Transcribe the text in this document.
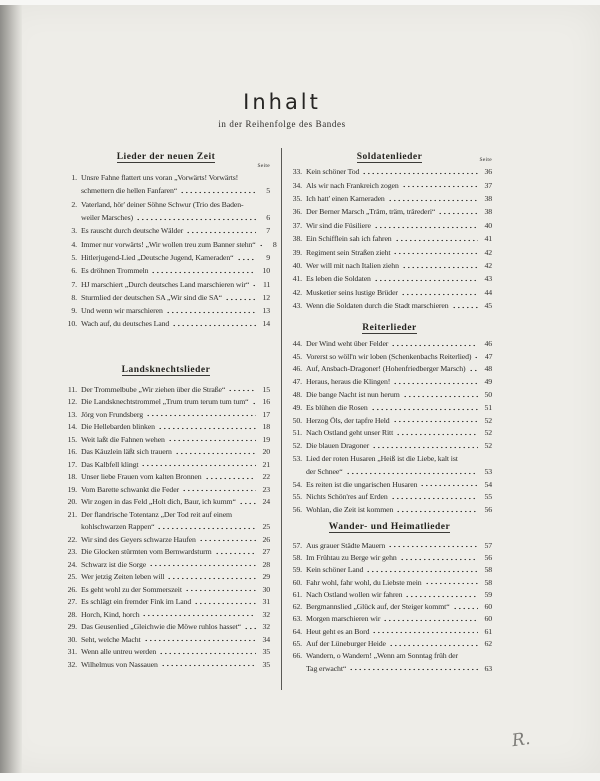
Inhalt
in der Reihenfolge des Bandes
Seite
Lieder der neuen Zeit
1. Unsre Fahne flattert uns voran „Vorwärts! Vorwärts!
schmettern die hellen Fanfaren“	5
2. Vaterland, hör' deiner Söhne Schwur (Trio des Baden-
weiler Marsches)	6
3. Es rauscht durch deutsche Wälder	7
4. Immer nur vorwärts! „Wir wollen treu zum Banner stehn“	8
5. Hitlerjugend-Lied „Deutsche Jugend, Kameraden“	9
6. Es dröhnen Trommeln	10
7. HJ marschiert „Durch deutsches Land marschieren wir“	11
8. Sturmlied der deutschen SA „Wir sind die SA“	12
9. Und wenn wir marschieren	13
10. Wach auf, du deutsches Land	14
Landsknechtslieder
11. Der Trommelbube „Wir ziehen über die Straße“	15
12. Die Landsknechtstrommel „Trum trum terum tum tum“	16
13. Jörg von Frundsberg	17
14. Die Hellebarden blinken	18
15. Weit laßt die Fahnen wehen	19
16. Das Käuzlein läßt sich trauern	20
17. Das Kalbfell klingt	21
18. Unser liebe Frauen vom kalten Bronnen	22
19. Vom Barette schwankt die Feder	23
20. Wir zogen in das Feld „Holt dich, Baur, ich kumm“	24
21. Der flandrische Totentanz „Der Tod reit auf einem
kohlschwarzen Rappen“	25
22. Wir sind des Geyers schwarze Haufen	26
23. Die Glocken stürmten vom Bernwardsturm	27
24. Schwarz ist die Sorge	28
25. Wer jetzig Zeiten leben will	29
26. Es geht wohl zu der Sommerszeit	30
27. Es schlägt ein fremder Fink im Land	31
28. Horch, Kind, horch	32
29. Das Geusenlied „Gleichwie die Möwe ruhlos hasset“	32
30. Seht, welche Macht	34
31. Wenn alle untreu werden	35
32. Wilhelmus von Nassauen	35
Seite
Soldatenlieder
33. Kein schöner Tod	36
34. Als wir nach Frankreich zogen	37
35. Ich hatt' einen Kameraden	38
36. Der Berner Marsch „Träm, träm, trärederi“	38
37. Wir sind die Füsiliere	40
38. Ein Schifflein sah ich fahren	41
39. Regiment sein Straßen zieht	42
40. Wer will mit nach Italien ziehn	42
41. Es leben die Soldaten	43
42. Musketier seins lustige Brüder	44
43. Wenn die Soldaten durch die Stadt marschieren	45
Reiterlieder
44. Der Wind weht über Felder	46
45. Vorerst so wöll'n wir loben (Schenkenbachs Reiterlied)	47
46. Auf, Ansbach-Dragoner! (Hohenfriedberger Marsch)	48
47. Heraus, heraus die Klingen!	49
48. Die bange Nacht ist nun herum	50
49. Es blühen die Rosen	51
50. Herzog Öls, der tapfre Held	52
51. Nach Ostland geht unser Ritt	52
52. Die blauen Dragoner	52
53. Lied der roten Husaren „Heiß ist die Liebe, kalt ist
der Schnee“	53
54. Es reiten ist die ungarischen Husaren	54
55. Nichts Schön'res auf Erden	55
56. Wohlan, die Zeit ist kommen	56
Wander- und Heimatlieder
57. Aus grauer Städte Mauern	57
58. Im Frühtau zu Berge wir gehn	56
59. Kein schöner Land	58
60. Fahr wohl, fahr wohl, du Liebste mein	58
61. Nach Ostland wollen wir fahren	59
62. Bergmannslied „Glück auf, der Steiger kommt“	60
63. Morgen marschieren wir	60
64. Heut geht es an Bord	61
65. Auf der Lüneburger Heide	62
66. Wandern, o Wandern! „Wenn am Sonntag früh der
Tag erwacht“	63
R.
